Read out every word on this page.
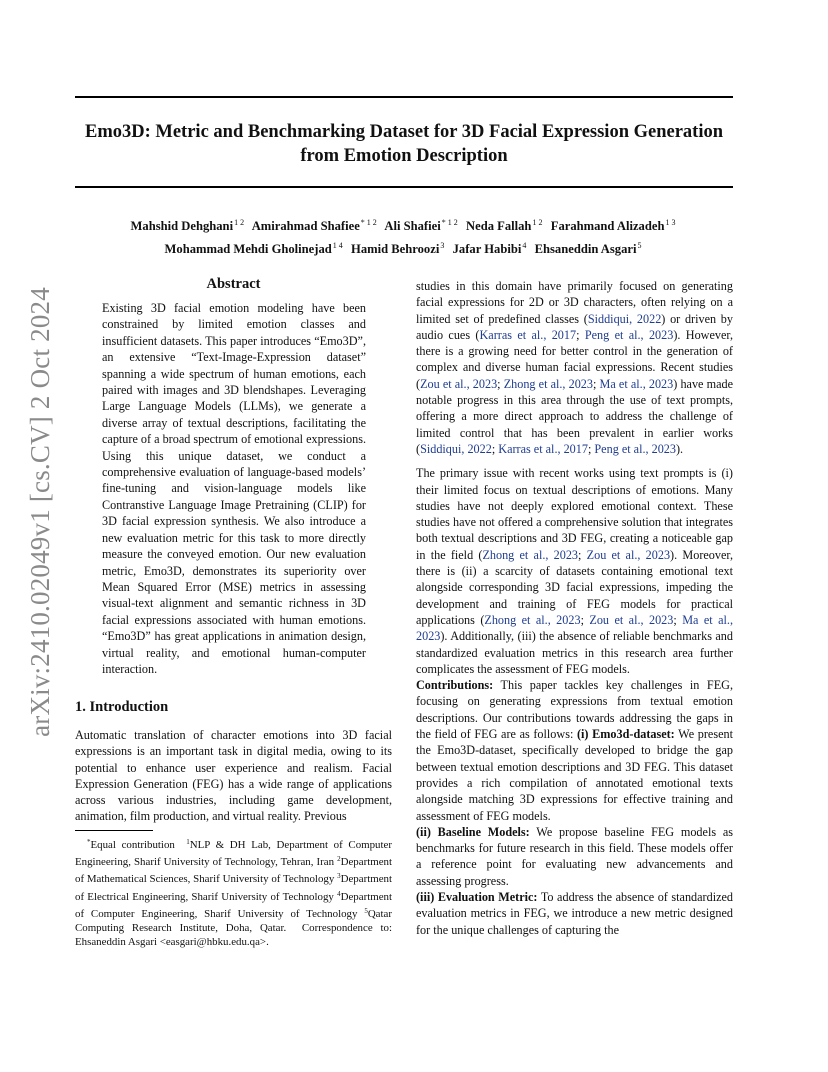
Emo3D: Metric and Benchmarking Dataset for 3D Facial Expression Generation
from Emotion Description
Mahshid Dehghani$^{1 2}$ Amirahmad Shafiee$^{* 1 2}$ Ali Shafiei$^{* 1 2}$ Neda Fallah$^{1 2}$ Farahmand Alizadeh$^{1 3}$
Mohammad Mehdi Gholinejad$^{1 4}$ Hamid Behroozi$^3$ Jafar Habibi$^4$ Ehsaneddin Asgari$^5$
arXiv:2410.02049v1 [cs.CV] 2 Oct 2024
Abstract
Existing 3D facial emotion modeling have been constrained by limited emotion classes and insufficient datasets. This paper introduces “Emo3D”, an extensive “Text-Image-Expression dataset” spanning a wide spectrum of human emotions, each paired with images and 3D blendshapes. Leveraging Large Language Models (LLMs), we generate a diverse array of textual descriptions, facilitating the capture of a broad spectrum of emotional expressions. Using this unique dataset, we conduct a comprehensive evaluation of language-based models’ fine-tuning and vision-language models like Contranstive Language Image Pretraining (CLIP) for 3D facial expression synthesis. We also introduce a new evaluation metric for this task to more directly measure the conveyed emotion. Our new evaluation metric, Emo3D, demonstrates its superiority over Mean Squared Error (MSE) metrics in assessing visual-text alignment and semantic richness in 3D facial expressions associated with human emotions. “Emo3D” has great applications in animation design, virtual reality, and emotional human-computer interaction.
1. Introduction
Automatic translation of character emotions into 3D facial expressions is an important task in digital media, owing to its potential to enhance user experience and realism. Facial Expression Generation (FEG) has a wide range of applications across various industries, including game development, animation, film production, and virtual reality. Previous
*Equal contribution $^1$NLP & DH Lab, Department of Computer Engineering, Sharif University of Technology, Tehran, Iran $^2$Department of Mathematical Sciences, Sharif University of Technology $^3$Department of Electrical Engineering, Sharif University of Technology $^4$Department of Computer Engineering, Sharif University of Technology $^5$Qatar Computing Research Institute, Doha, Qatar. Correspondence to: Ehsaneddin Asgari <easgari@hbku.edu.qa>.

studies in this domain have primarily focused on generating facial expressions for 2D or 3D characters, often relying on a limited set of predefined classes (Siddiqui, 2022) or driven by audio cues (Karras et al., 2017; Peng et al., 2023). However, there is a growing need for better control in the generation of complex and diverse human facial expressions. Recent studies (Zou et al., 2023; Zhong et al., 2023; Ma et al., 2023) have made notable progress in this area through the use of text prompts, offering a more direct approach to address the challenge of limited control that has been prevalent in earlier works (Siddiqui, 2022; Karras et al., 2017; Peng et al., 2023).

The primary issue with recent works using text prompts is (i) their limited focus on textual descriptions of emotions. Many studies have not deeply explored emotional context. These studies have not offered a comprehensive solution that integrates both textual descriptions and 3D FEG, creating a noticeable gap in the field (Zhong et al., 2023; Zou et al., 2023). Moreover, there is (ii) a scarcity of datasets containing emotional text alongside corresponding 3D facial expressions, impeding the development and training of FEG models for practical applications (Zhong et al., 2023; Zou et al., 2023; Ma et al., 2023). Additionally, (iii) the absence of reliable benchmarks and standardized evaluation metrics in this research area further complicates the assessment of FEG models.

Contributions: This paper tackles key challenges in FEG, focusing on generating expressions from textual emotion descriptions. Our contributions towards addressing the gaps in the field of FEG are as follows: (i) Emo3d-dataset: We present the Emo3D-dataset, specifically developed to bridge the gap between textual emotion descriptions and 3D FEG. This dataset provides a rich compilation of annotated emotional texts alongside matching 3D expressions for effective training and assessment of FEG models.

(ii) Baseline Models: We propose baseline FEG models as benchmarks for future research in this field. These models offer a reference point for evaluating new advancements and assessing progress.

(iii) Evaluation Metric: To address the absence of standardized evaluation metrics in FEG, we introduce a new metric designed for the unique challenges of capturing the
